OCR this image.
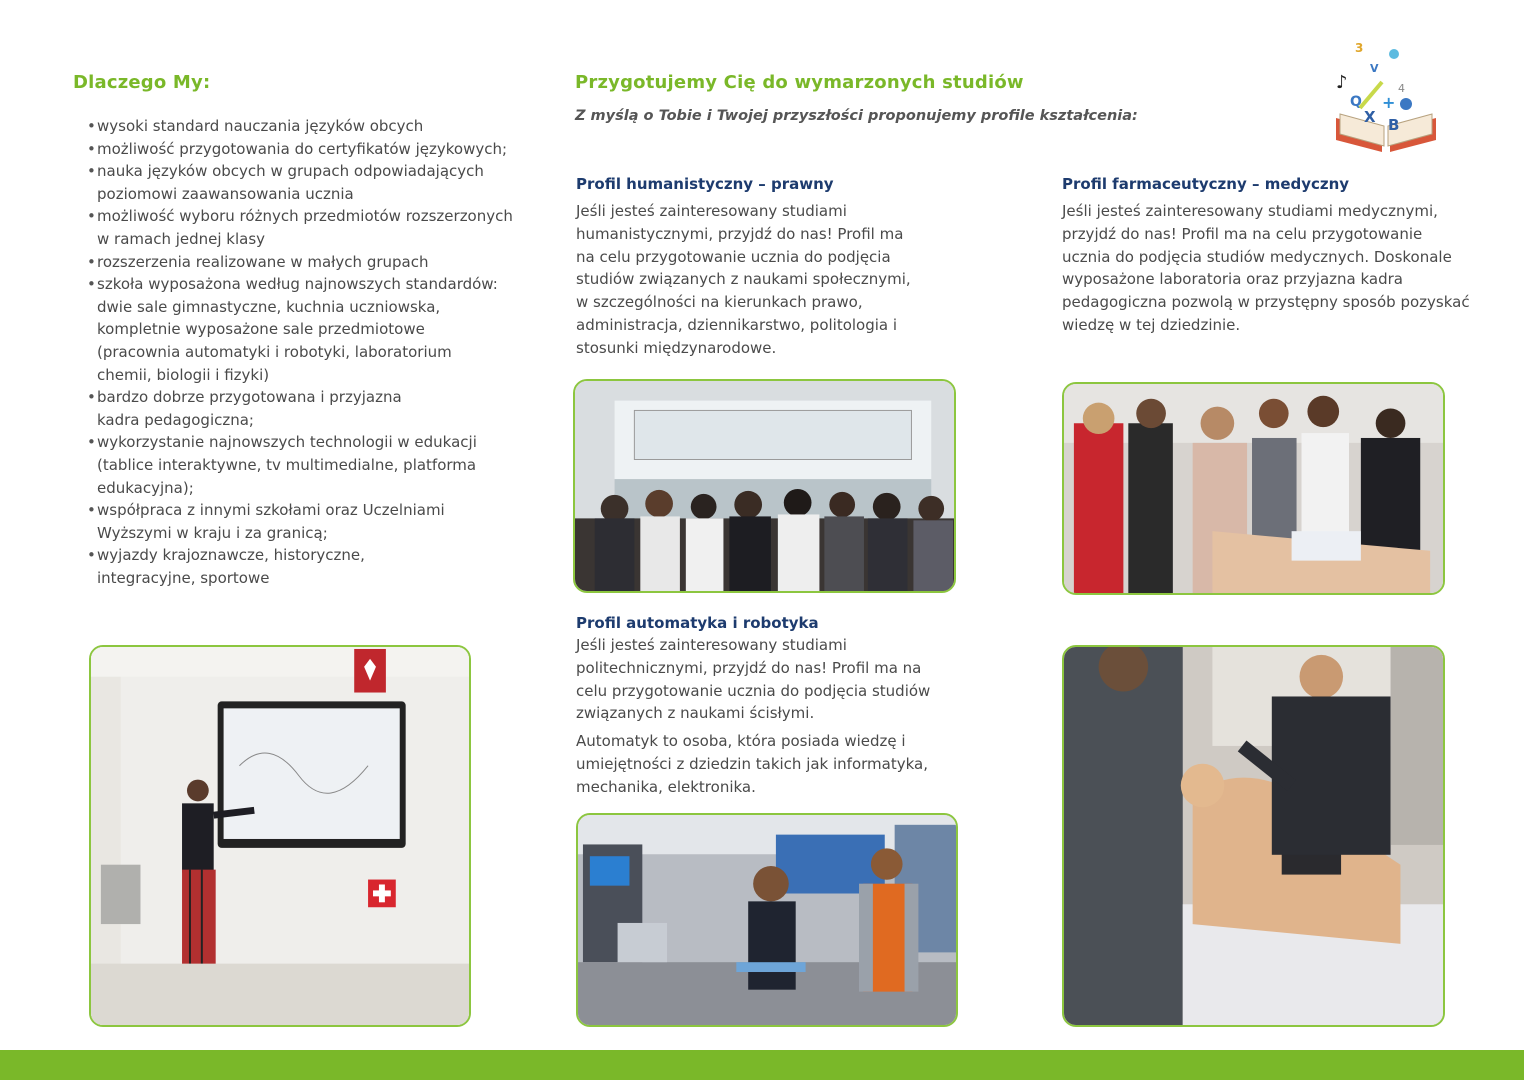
Dlaczego My:
• wysoki standard nauczania języków obcych
• możliwość przygotowania do certyfikatów językowych;
• nauka języków obcych w grupach odpowiadających poziomowi zaawansowania ucznia
• możliwość wyboru różnych przedmiotów rozszerzonych w ramach jednej klasy
• rozszerzenia realizowane w małych grupach
• szkoła wyposażona według najnowszych standardów: dwie sale gimnastyczne, kuchnia uczniowska, kompletnie wyposażone sale przedmiotowe (pracownia automatyki i robotyki, laboratorium chemii, biologii i fizyki)
• bardzo dobrze przygotowana i przyjazna kadra pedagogiczna;
• wykorzystanie najnowszych technologii w edukacji (tablice interaktywne, tv multimedialne, platforma edukacyjna);
• współpraca z innymi szkołami oraz Uczelniami Wyższymi w kraju i za granicą;
• wyjazdy krajoznawcze, historyczne, integracyjne, sportowe
Przygotujemy Cię do wymarzonych studiów
Z myślą o Tobie i Twojej przyszłości proponujemy profile kształcenia:
3
♪
V
Q
X B
+
4
Profil humanistyczny – prawny

Jeśli jesteś zainteresowany studiami humanistycznymi, przyjdź do nas! Profil ma na celu przygotowanie ucznia do podjęcia studiów związanych z naukami społecznymi, w szczególności na kierunkach prawo, administracja, dziennikarstwo, politologia i stosunki międzynarodowe.

Profil farmaceutyczny – medyczny

Jeśli jesteś zainteresowany studiami medycznymi, przyjdź do nas! Profil ma na celu przygotowanie ucznia do podjęcia studiów medycznych. Doskonale wyposażone laboratoria oraz przyjazna kadra pedagogiczna pozwolą w przystępny sposób pozyskać wiedzę w tej dziedzinie.

Profil automatyka i robotyka

Jeśli jesteś zainteresowany studiami politechnicznymi, przyjdź do nas! Profil ma na celu przygotowanie ucznia do podjęcia studiów związanych z naukami ścisłymi.

Automatyk to osoba, która posiada wiedzę i umiejętności z dziedzin takich jak informatyka, mechanika, elektronika.
